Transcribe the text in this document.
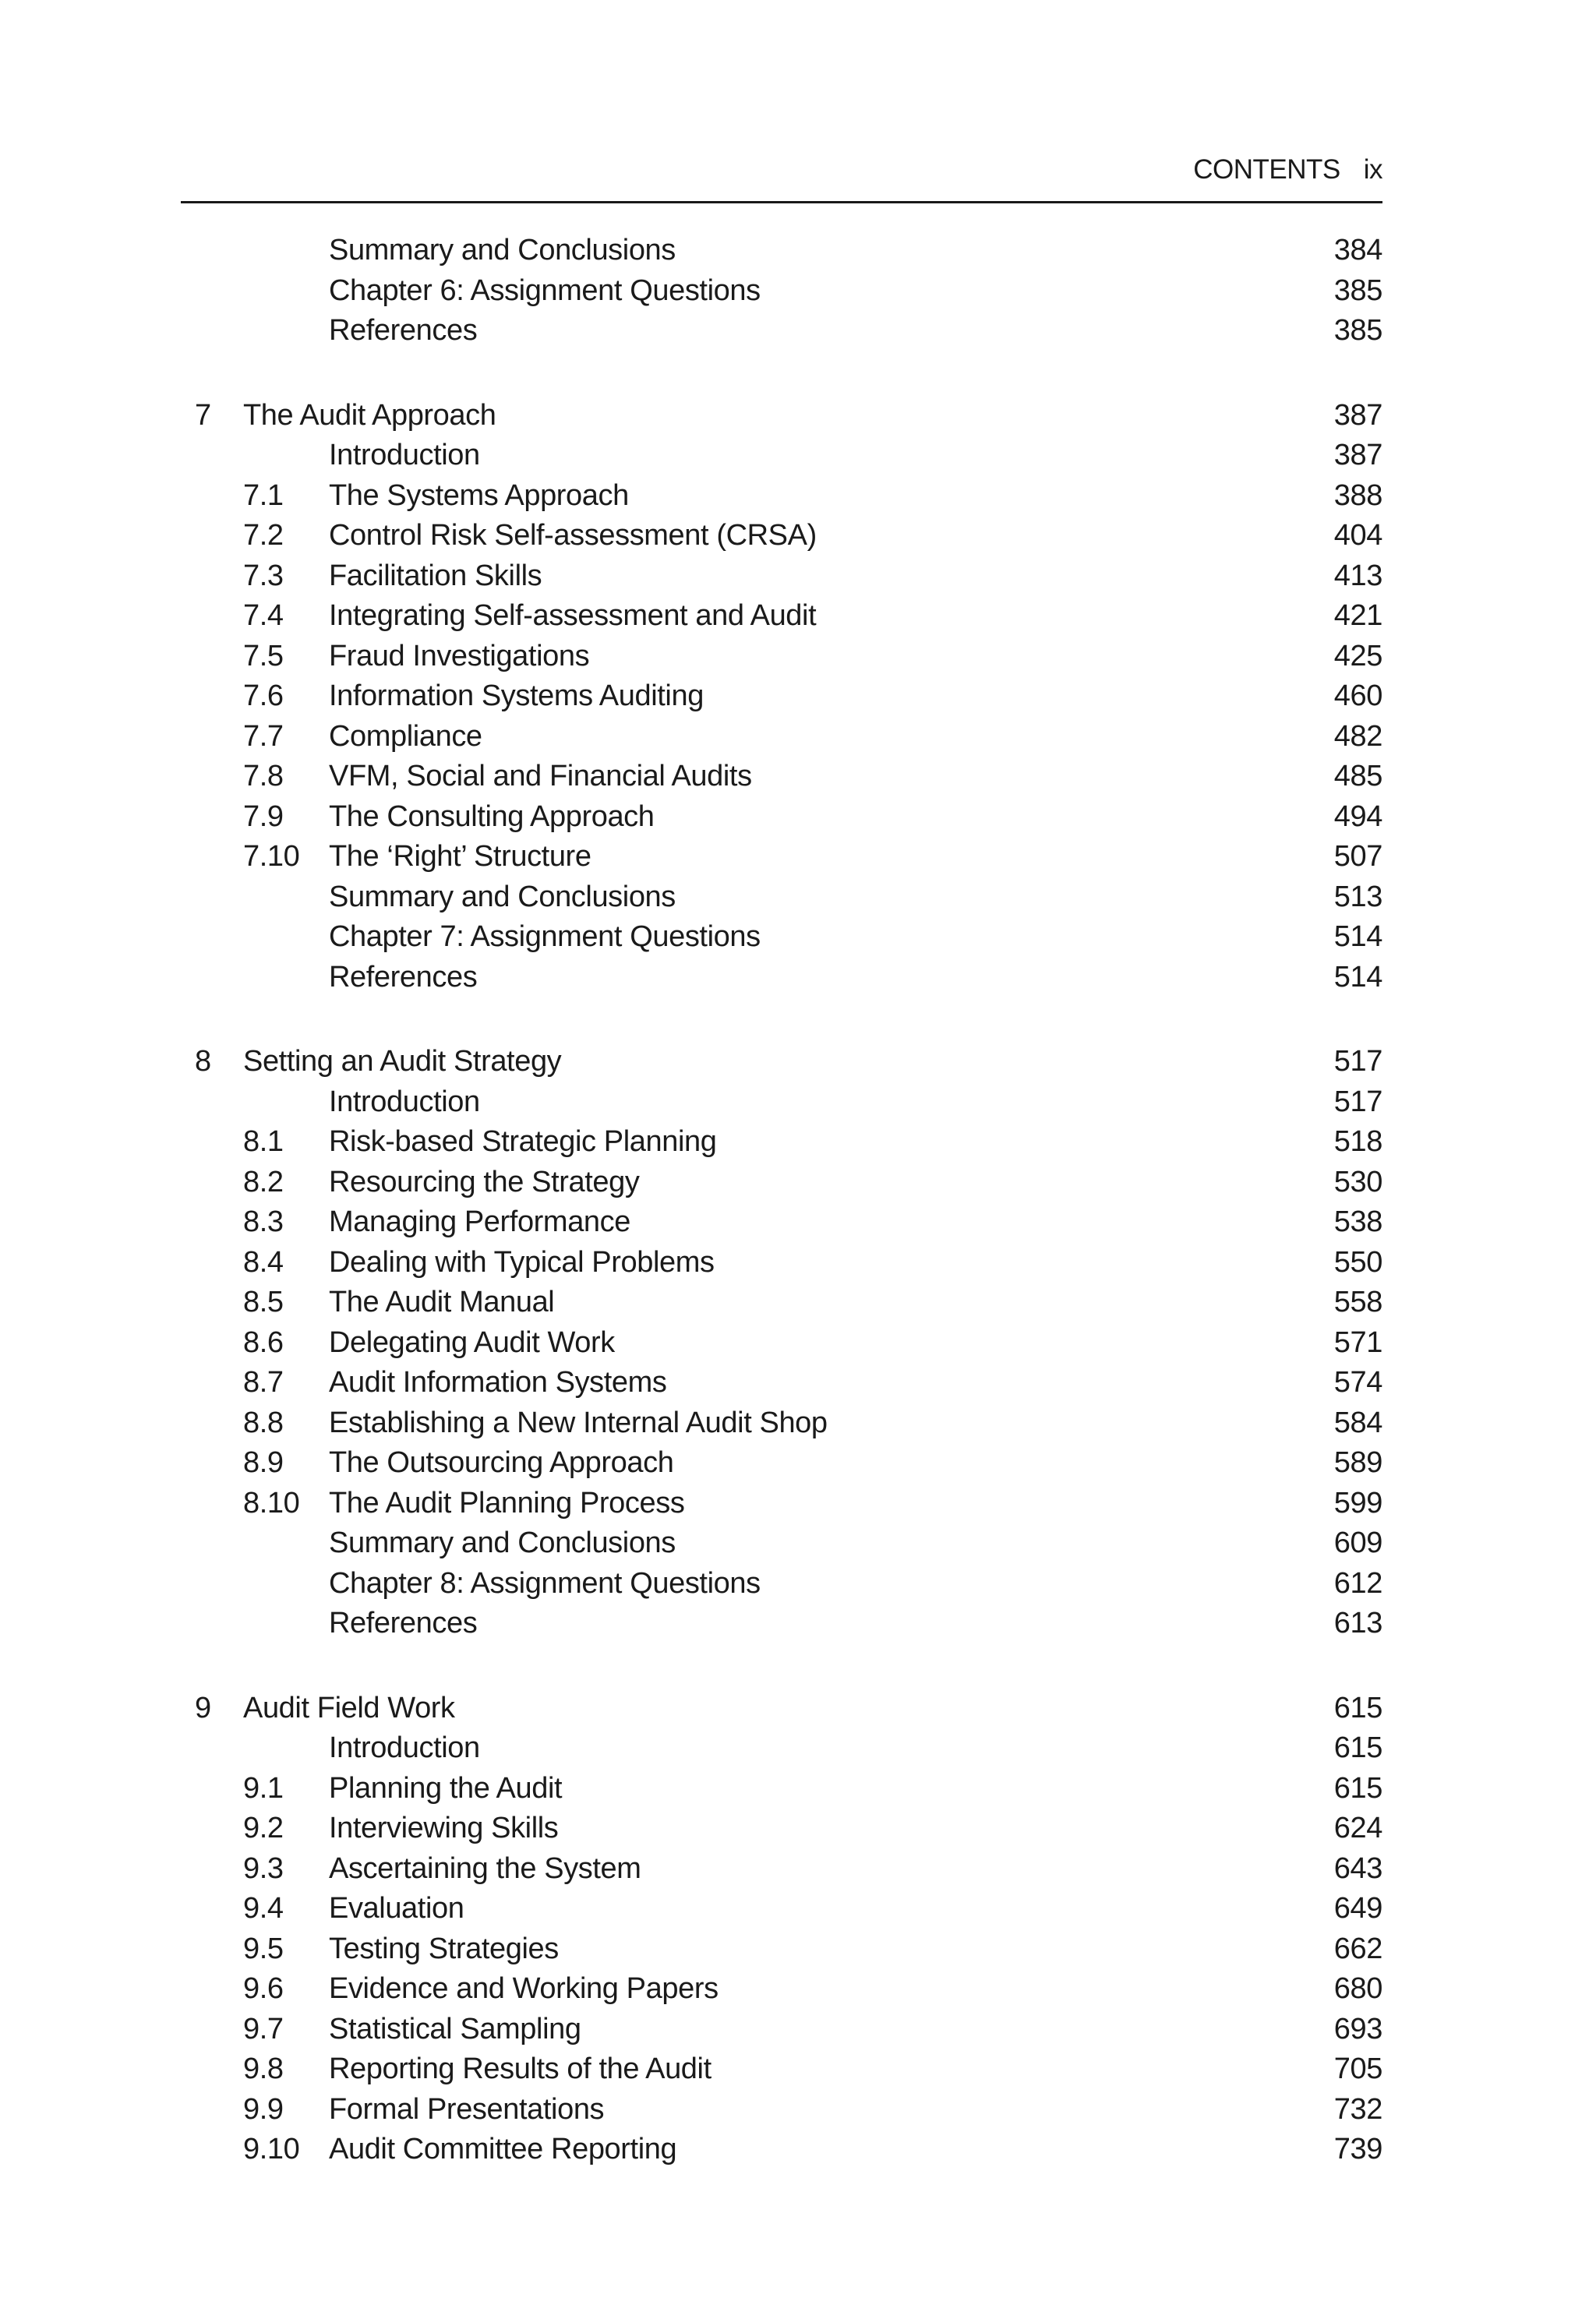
CONTENTS ix
Summary and Conclusions	384
Chapter 6: Assignment Questions	385
References	385
7 The Audit Approach	387
Introduction	387
7.1 The Systems Approach	388
7.2 Control Risk Self-assessment (CRSA)	404
7.3 Facilitation Skills	413
7.4 Integrating Self-assessment and Audit	421
7.5 Fraud Investigations	425
7.6 Information Systems Auditing	460
7.7 Compliance	482
7.8 VFM, Social and Financial Audits	485
7.9 The Consulting Approach	494
7.10 The ‘Right’ Structure	507
Summary and Conclusions	513
Chapter 7: Assignment Questions	514
References	514
8 Setting an Audit Strategy	517
Introduction	517
8.1 Risk-based Strategic Planning	518
8.2 Resourcing the Strategy	530
8.3 Managing Performance	538
8.4 Dealing with Typical Problems	550
8.5 The Audit Manual	558
8.6 Delegating Audit Work	571
8.7 Audit Information Systems	574
8.8 Establishing a New Internal Audit Shop	584
8.9 The Outsourcing Approach	589
8.10 The Audit Planning Process	599
Summary and Conclusions	609
Chapter 8: Assignment Questions	612
References	613
9 Audit Field Work	615
Introduction	615
9.1 Planning the Audit	615
9.2 Interviewing Skills	624
9.3 Ascertaining the System	643
9.4 Evaluation	649
9.5 Testing Strategies	662
9.6 Evidence and Working Papers	680
9.7 Statistical Sampling	693
9.8 Reporting Results of the Audit	705
9.9 Formal Presentations	732
9.10 Audit Committee Reporting	739
